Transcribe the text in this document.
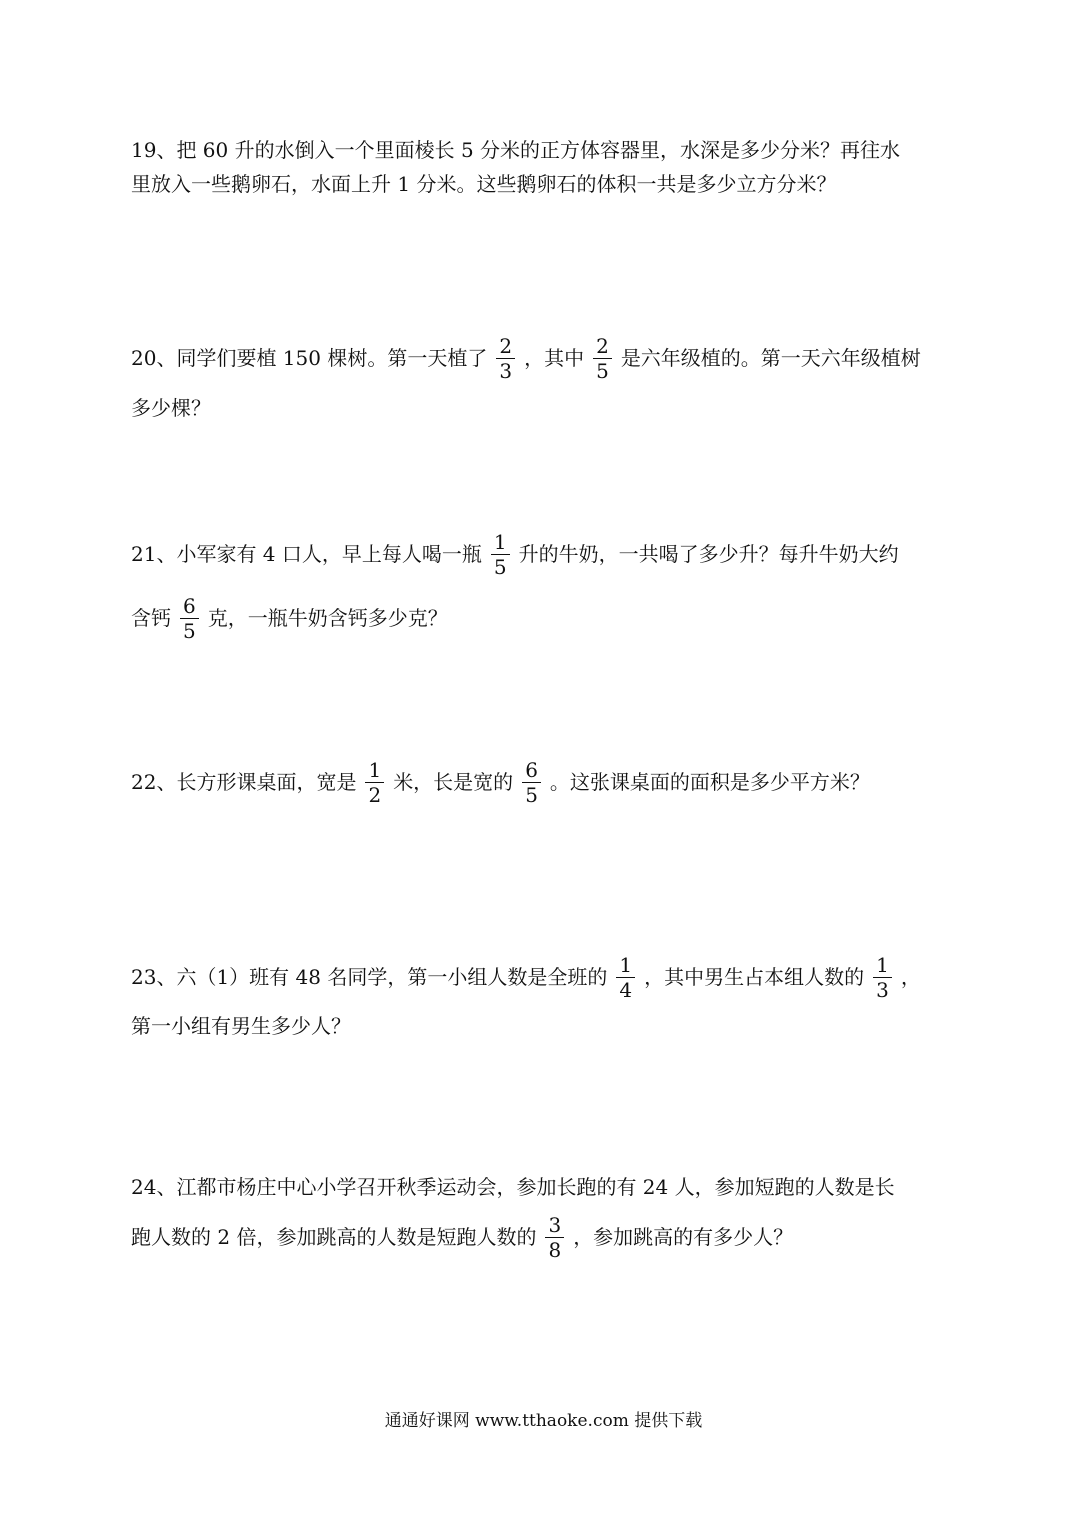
19、把 60 升的水倒入一个里面棱长 5 分米的正方体容器里，水深是多少分米？再往水
里放入一些鹅卵石，水面上升 1 分米。这些鹅卵石的体积一共是多少立方分米？
20、同学们要植 150 棵树。第一天植了 $\frac{2}{3}$ ，其中 $\frac{2}{5}$ 是六年级植的。第一天六年级植树
多少棵？
21、小军家有 4 口人，早上每人喝一瓶 $\frac{1}{5}$ 升的牛奶，一共喝了多少升？每升牛奶大约
含钙 $\frac{6}{5}$ 克，一瓶牛奶含钙多少克？
22、长方形课桌面，宽是 $\frac{1}{2}$ 米，长是宽的 $\frac{6}{5}$ 。这张课桌面的面积是多少平方米？
23、六（1）班有 48 名同学，第一小组人数是全班的 $\frac{1}{4}$ ，其中男生占本组人数的 $\frac{1}{3}$ ，
第一小组有男生多少人？
24、江都市杨庄中心小学召开秋季运动会，参加长跑的有 24 人，参加短跑的人数是长
跑人数的 2 倍，参加跳高的人数是短跑人数的 $\frac{3}{8}$ ，参加跳高的有多少人？
通通好课网 www.tthaoke.com 提供下载
